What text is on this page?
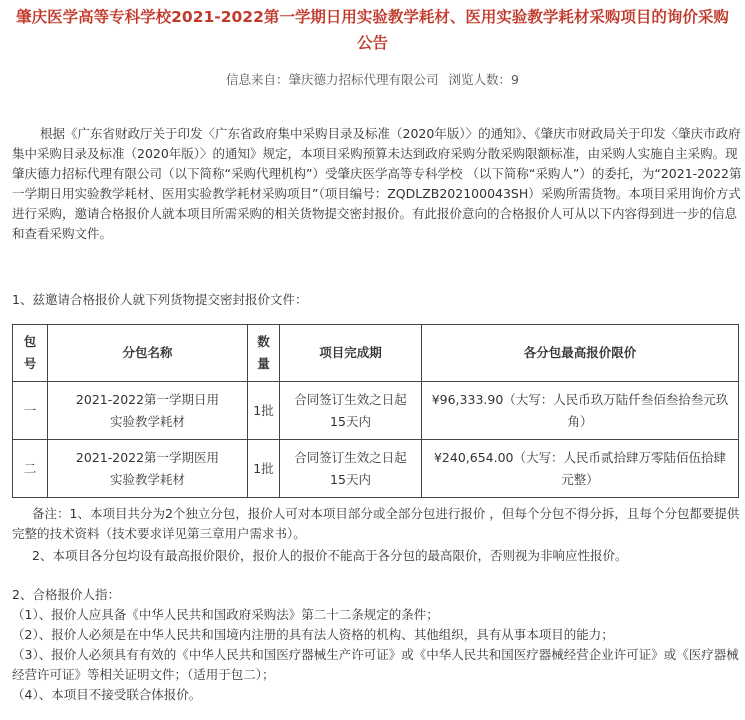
肇庆医学高等专科学校2021-2022第一学期日用实验教学耗材、医用实验教学耗材采购项目的询价采购
公告
信息来自：肇庆德力招标代理有限公司 浏览人数：9
根据《广东省财政厅关于印发〈广东省政府集中采购目录及标准（2020年版）〉的通知》、《肇庆市财政局关于印发〈肇庆市政府集中采购目录及标准（2020年版）〉的通知》规定，本项目采购预算未达到政府采购分散采购限额标准，由采购人实施自主采购。现肇庆德力招标代理有限公司（以下简称“采购代理机构”）受肇庆医学高等专科学校 （以下简称“采购人”）的委托，为“2021-2022第一学期日用实验教学耗材、医用实验教学耗材采购项目”（项目编号：ZQDLZB202100043SH）采购所需货物。本项目采用询价方式进行采购，邀请合格报价人就本项目所需采购的相关货物提交密封报价。有此报价意向的合格报价人可从以下内容得到进一步的信息和查看采购文件。
1、兹邀请合格报价人就下列货物提交密封报价文件：
包号	分包名称	数量	项目完成期	各分包最高报价限价
一	2021-2022第一学期日用实验教学耗材	1批	合同签订生效之日起15天内	¥96,333.90（大写：人民币玖万陆仟叁佰叁拾叁元玖角）
二	2021-2022第一学期医用实验教学耗材	1批	合同签订生效之日起15天内	¥240,654.00（大写：人民币贰拾肆万零陆佰伍拾肆元整）
备注：1、本项目共分为2个独立分包，报价人可对本项目部分或全部分包进行报价 ，但每个分包不得分拆，且每个分包都要提供完整的技术资料（技术要求详见第三章用户需求书）。
2、本项目各分包均设有最高报价限价，报价人的报价不能高于各分包的最高限价，否则视为非响应性报价。
2、合格报价人指：
（1）、报价人应具备《中华人民共和国政府采购法》第二十二条规定的条件；
（2）、报价人必须是在中华人民共和国境内注册的具有法人资格的机构、其他组织，具有从事本项目的能力；
（3）、报价人必须具有有效的《中华人民共和国医疗器械生产许可证》或《中华人民共和国医疗器械经营企业许可证》或《医疗器械经营许可证》等相关证明文件；（适用于包二）；
（4）、本项目不接受联合体报价。
